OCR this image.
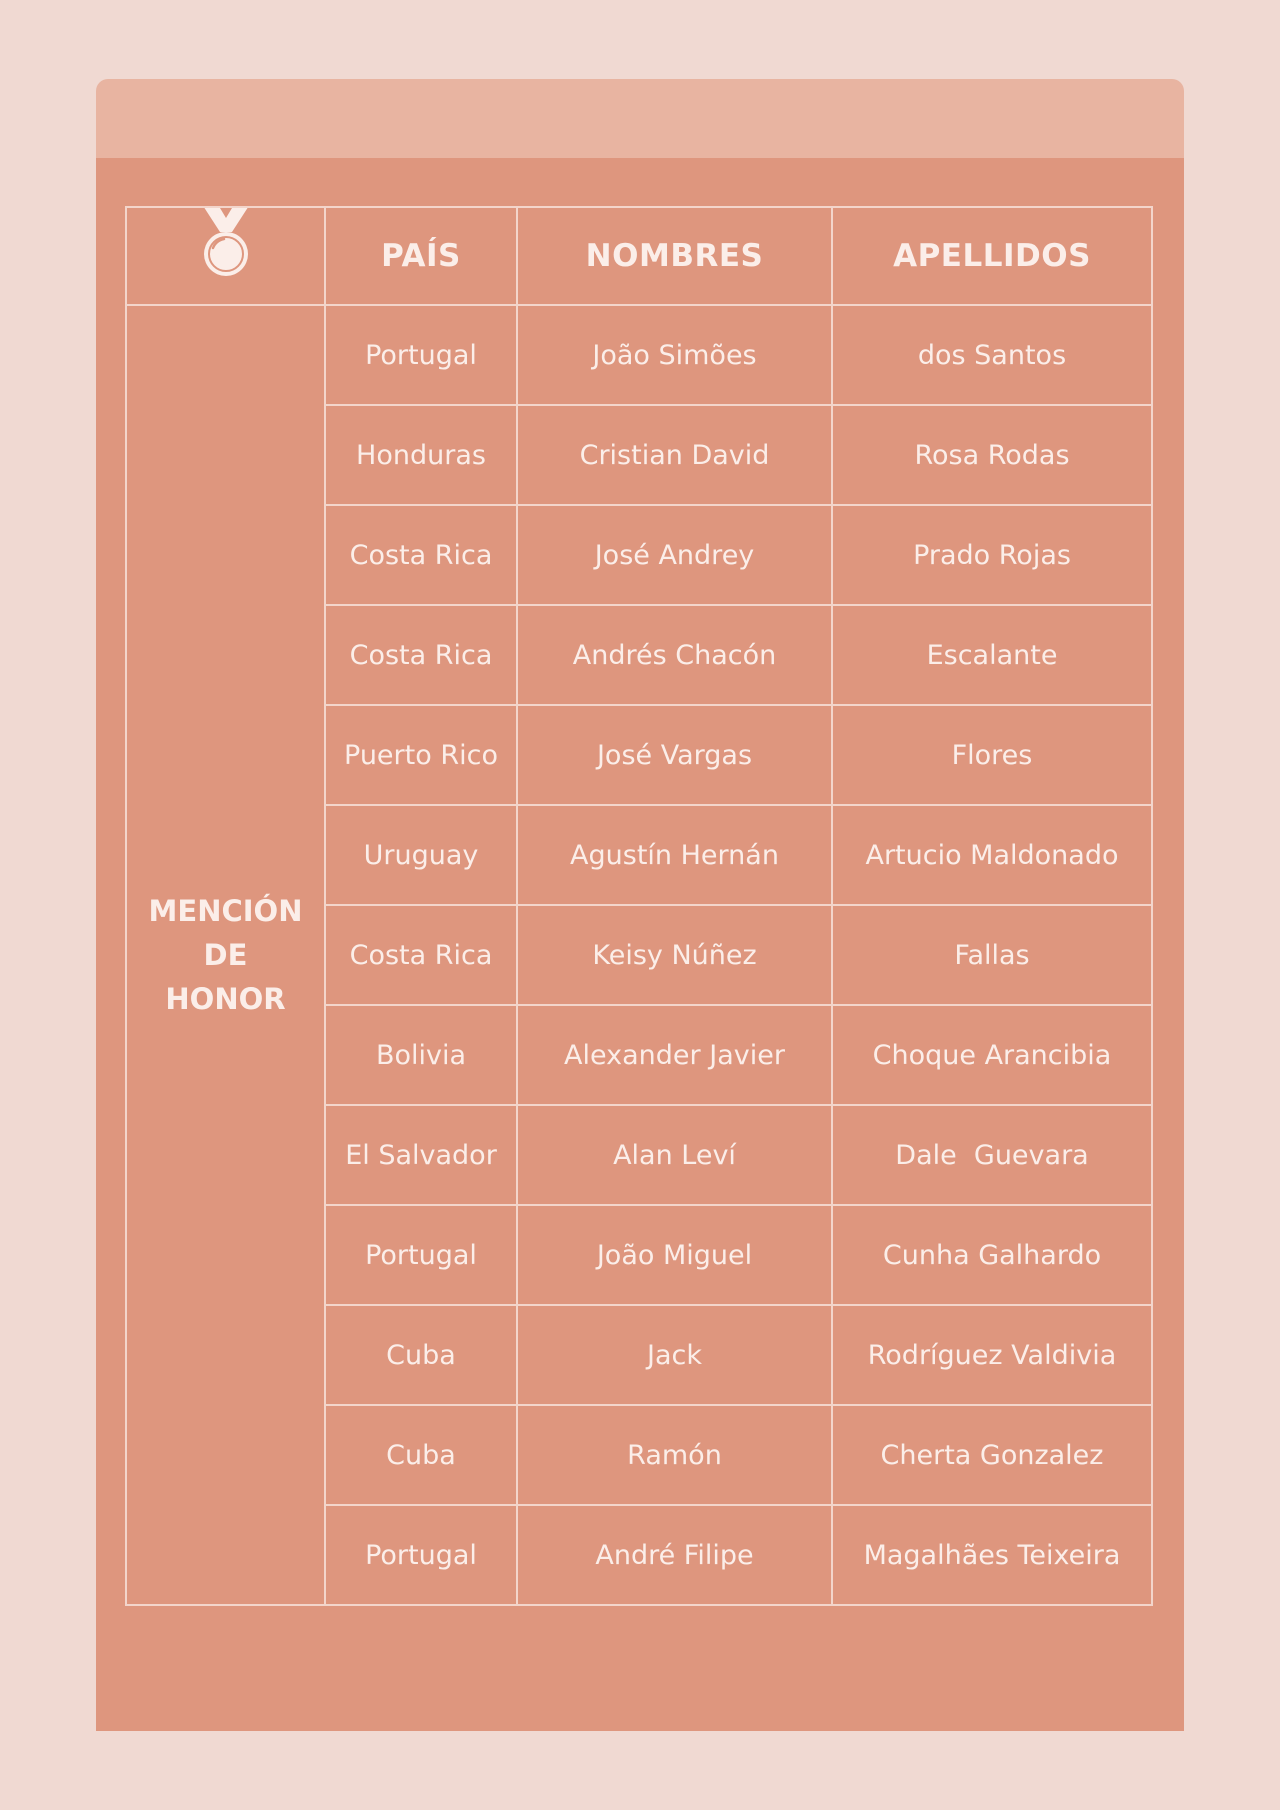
	PAÍS	NOMBRES	APELLIDOS

MENCIÓN
DE
HONOR	Portugal	João Simões	dos Santos
	Honduras	Cristian David	Rosa Rodas
	Costa Rica	José Andrey	Prado Rojas
	Costa Rica	Andrés Chacón	Escalante
	Puerto Rico	José Vargas	Flores
	Uruguay	Agustín Hernán	Artucio Maldonado
	Costa Rica	Keisy Núñez	Fallas
	Bolivia	Alexander Javier	Choque Arancibia
	El Salvador	Alan Leví	Dale  Guevara
	Portugal	João Miguel	Cunha Galhardo
	Cuba	Jack	Rodríguez Valdivia
	Cuba	Ramón	Cherta Gonzalez
	Portugal	André Filipe	Magalhães Teixeira
